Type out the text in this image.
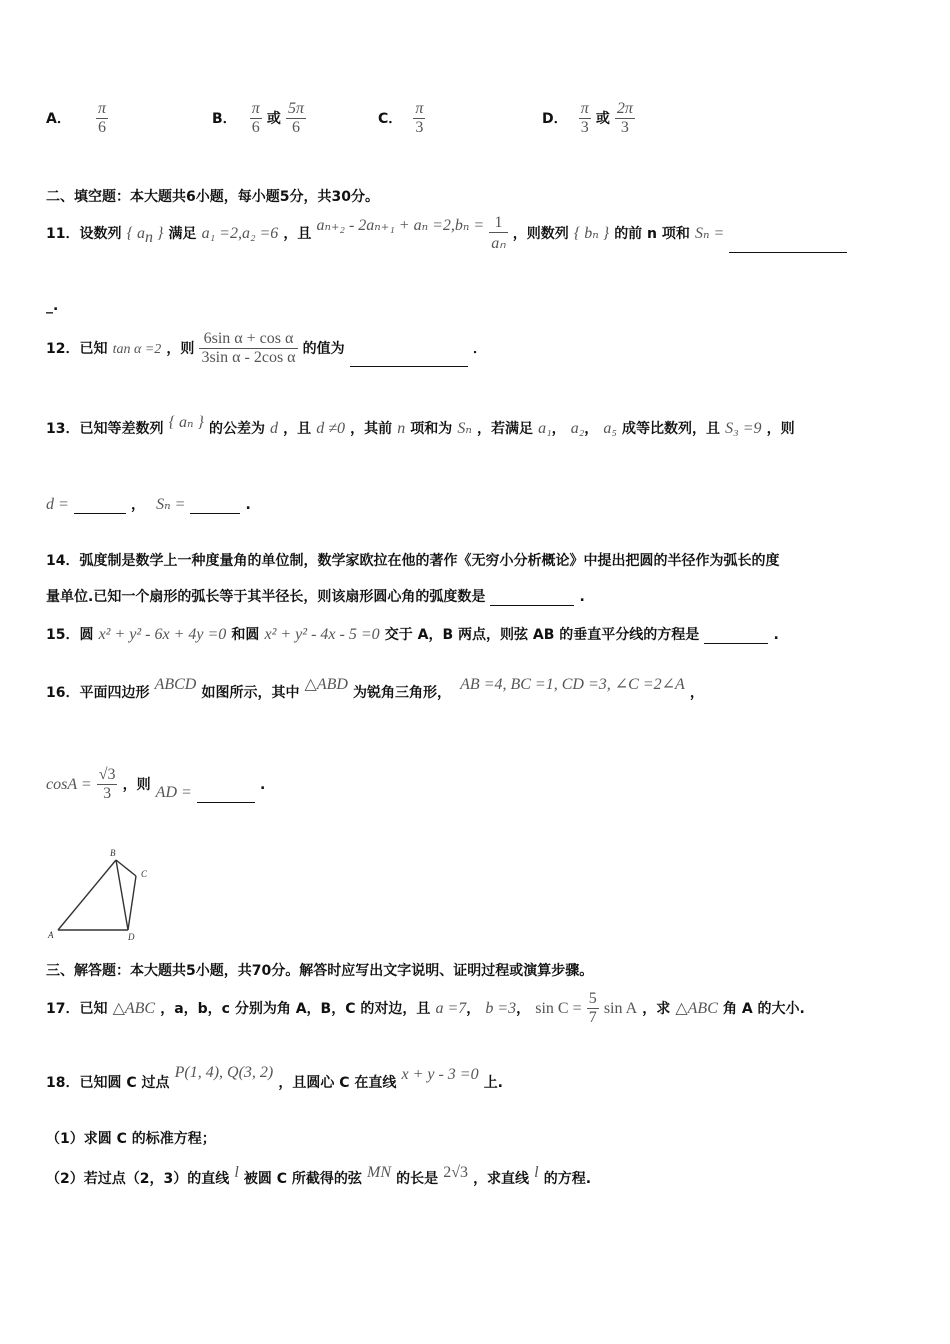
A． $\frac{\pi}{6}$	B． $\frac{\pi}{6}$ 或 $\frac{5\pi}{6}$	C． $\frac{\pi}{3}$	D． $\frac{\pi}{3}$ 或 $\frac{2\pi}{3}$
二、填空题：本大题共6小题，每小题5分，共30分。
11．设数列 { $a_n$ } 满足 a₁ =2,a₂ =6 ，且 $a_{n+2} - 2a_{n+1} + a_n =2,b_n = \frac{1}{\text{aₙ}}$ ，则数列 { bₙ } 的前 n 项和 Sₙ =
_.
12．已知 tan α =2 ，则 $\frac{\text{6sin α + cos α}}{\text{3sin α - 2cos α}}$ 的值为	．
13．已知等差数列 { aₙ } 的公差为 d ，且 d ≠0 ，其前 n 项和为 Sₙ ，若满足 a₁， a₂， a₅ 成等比数列，且 S₃ =9 ，则
d =	， Sₙ =	.
14．弧度制是数学上一种度量角的单位制，数学家欧拉在他的著作《无穷小分析概论》中提出把圆的半径作为弧长的度
量单位.已知一个扇形的弧长等于其半径长，则该扇形圆心角的弧度数是	.
15．圆 x² + y² - 6x + 4y =0 和圆 x² + y² - 4x - 5 =0 交于 A，B 两点，则弦 AB 的垂直平分线的方程是	.
16．平面四边形 ABCD 如图所示，其中 △ABD 为锐角三角形， AB =4, BC =1, CD =3, ∠C =2∠A ，
$\cos A = \frac{√3}{3}$ ，则 AD =	.
B
C
A	D
三、解答题：本大题共5小题，共70分。解答时应写出文字说明、证明过程或演算步骤。
17．已知 △ABC ，a，b，c 分别为角 A，B，C 的对边，且 a =7， b =3， $\sin C = \frac{5}{7}$ sin A ，求 △ABC 角 A 的大小.
18．已知圆 C 过点 P(1, 4), Q(3, 2) ，且圆心 C 在直线 x + y - 3 =0 上.
（1）求圆 C 的标准方程；
（2）若过点（2，3）的直线 l 被圆 C 所截得的弦 MN 的长是 2√3 ，求直线 l 的方程.
